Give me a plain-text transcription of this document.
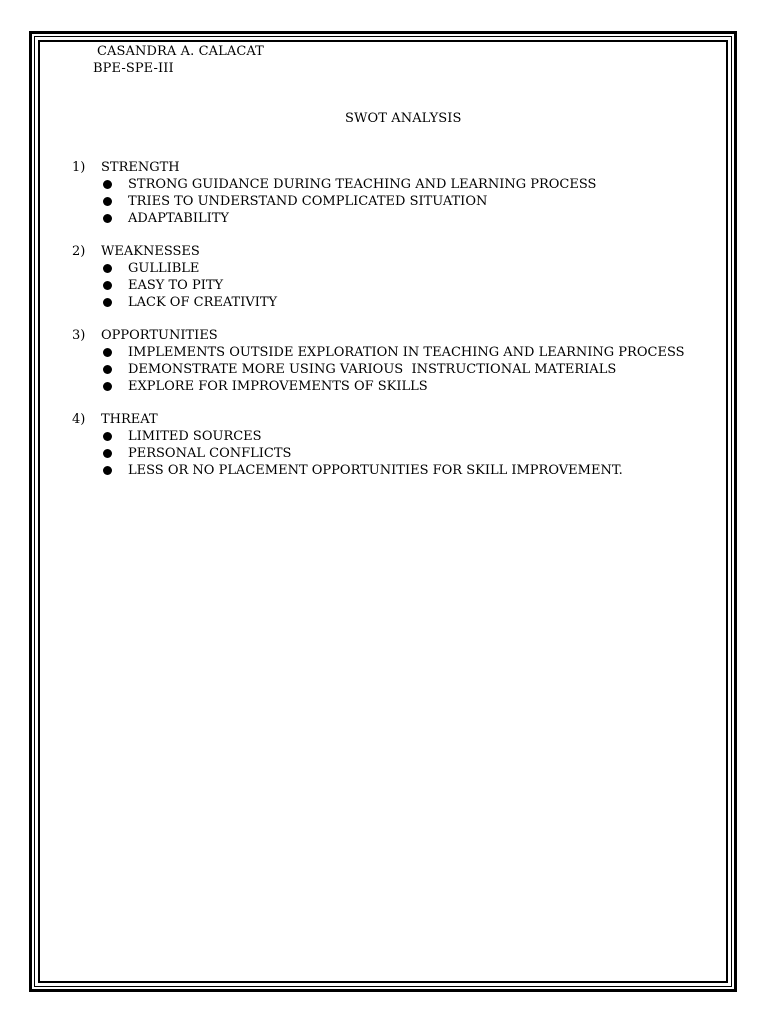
CASANDRA A. CALACAT
BPE-SPE-III
SWOT ANALYSIS
1) STRENGTH
STRONG GUIDANCE DURING TEACHING AND LEARNING PROCESS
TRIES TO UNDERSTAND COMPLICATED SITUATION
ADAPTABILITY
2) WEAKNESSES
GULLIBLE
EASY TO PITY
LACK OF CREATIVITY
3) OPPORTUNITIES
IMPLEMENTS OUTSIDE EXPLORATION IN TEACHING AND LEARNING PROCESS
DEMONSTRATE MORE USING VARIOUS  INSTRUCTIONAL MATERIALS
EXPLORE FOR IMPROVEMENTS OF SKILLS
4) THREAT
LIMITED SOURCES
PERSONAL CONFLICTS
LESS OR NO PLACEMENT OPPORTUNITIES FOR SKILL IMPROVEMENT.
